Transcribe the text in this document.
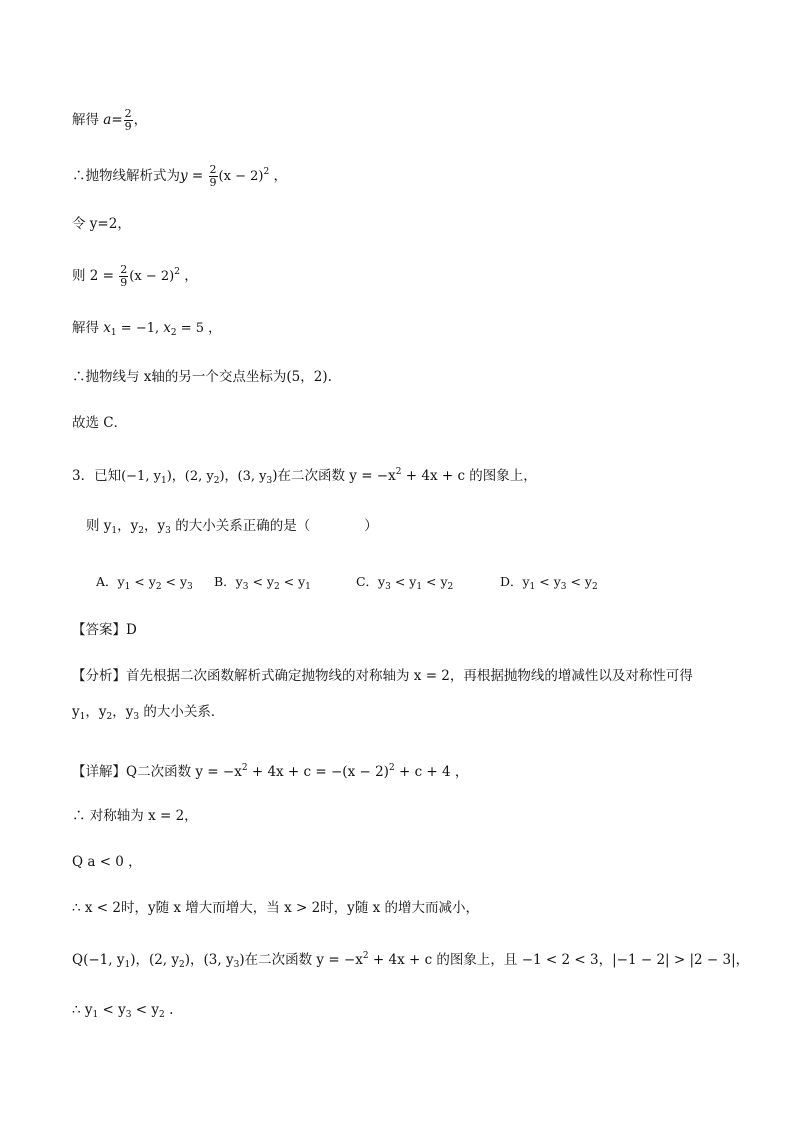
解得 $a= \frac{2}{9}$ ，
∴抛物线解析式为$y = \frac{2}{9} (x - 2)^2$ ，
令 y=2，
则 $2 = \frac{2}{9} (x - 2)^2$ ，
解得 $x_1 = -1$, $x_2 = 5$ ，
∴抛物线与 x轴的另一个交点坐标为(5，2).
故选 C．
3．已知(−1, $y_1$)，(2, $y_2$)，(3, $y_3$)在二次函数 $y = -x^2 + 4x + c$ 的图象上，
则 $y_1$，$y_2$，$y_3$ 的大小关系正确的是（　　　　）
A．$y_1 < y_2 < y_3$ B．$y_3 < y_2 < y_1$	C．$y_3 < y_1 < y_2$	D．$y_1 < y_3 < y_2$
【答案】D
【分析】首先根据二次函数解析式确定抛物线的对称轴为 x = 2，再根据抛物线的增减性以及对称性可得
$y_1$，$y_2$，$y_3$ 的大小关系．
【详解】Q二次函数 $y = -x^2 + 4x + c = -(x - 2)^2 + c + 4$ ，
∴ 对称轴为 x = 2，
Q a < 0 ，
∴ x < 2时，y随 x 增大而增大，当 x > 2时，y随 x 的增大而减小，
Q(−1, $y_1$)，(2, $y_2$)，(3, $y_3$)在二次函数 $y = -x^2 + 4x + c$ 的图象上，且 −1 < 2 < 3，|−1 − 2| > |2 − 3|，
∴ $y_1 < y_3 < y_2$ .
